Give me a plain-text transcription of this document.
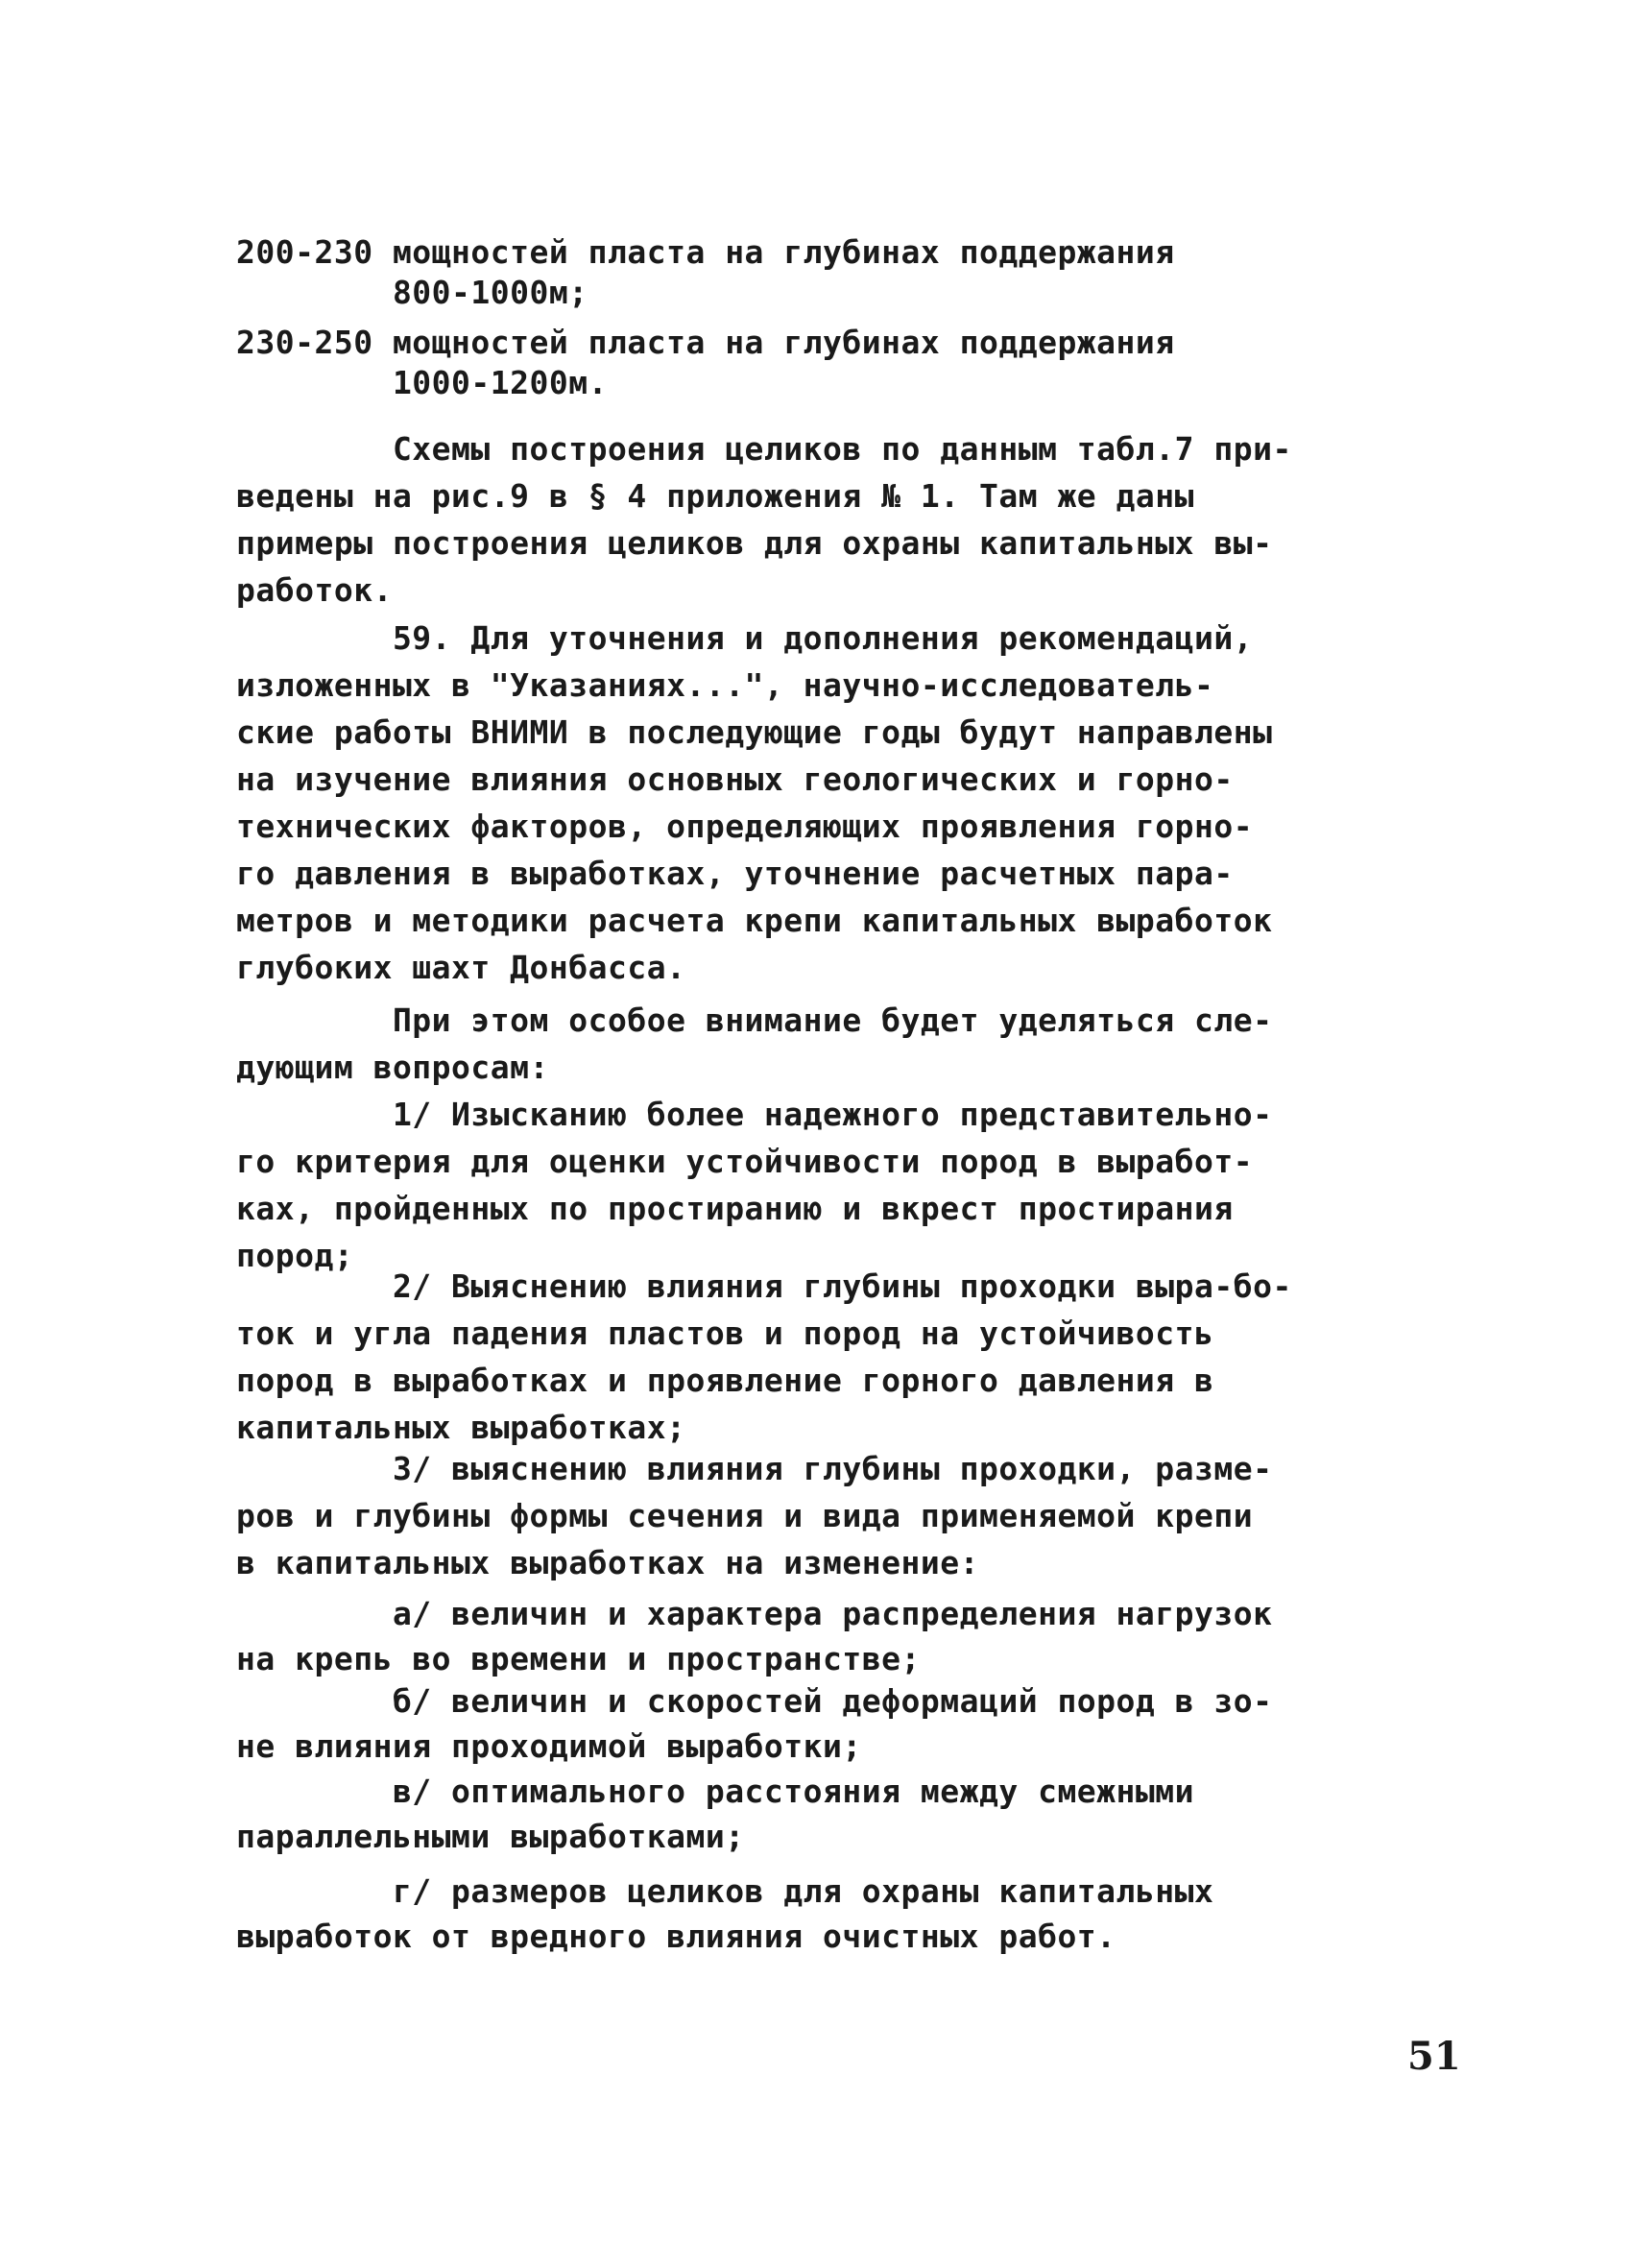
200-230 мощностей пласта на глубинах поддержания
800-1000м;
230-250 мощностей пласта на глубинах поддержания
1000-1200м.
Схемы построения целиков по данным табл.7 при-
ведены на рис.9 в § 4 приложения № 1. Там же даны
примеры построения целиков для охраны капитальных вы-
работок.
59. Для уточнения и дополнения рекомендаций,
изложенных в "Указаниях...", научно-исследователь-
ские работы ВНИМИ в последующие годы будут направлены
на изучение влияния основных геологических и горно-
технических факторов, определяющих проявления горно-
го давления в выработках, уточнение расчетных пара-
метров и методики расчета крепи капитальных выработок
глубоких шахт Донбасса.
При этом особое внимание будет уделяться сле-
дующим вопросам:
1/ Изысканию более надежного представительно-
го критерия для оценки устойчивости пород в выработ-
ках, пройденных по простиранию и вкрест простирания
пород;
2/ Выяснению влияния глубины проходки выра-бо-
ток и угла падения пластов и пород на устойчивость
пород в выработках и проявление горного давления в
капитальных выработках;
3/ выяснению влияния глубины проходки, разме-
ров и глубины формы сечения и вида применяемой крепи
в капитальных выработках на изменение:
а/ величин и характера распределения нагрузок
на крепь во времени и пространстве;
б/ величин и скоростей деформаций пород в зо-
не влияния проходимой выработки;
в/ оптимального расстояния между смежными
параллельными выработками;
г/ размеров целиков для охраны капитальных
выработок от вредного влияния очистных работ.
51
